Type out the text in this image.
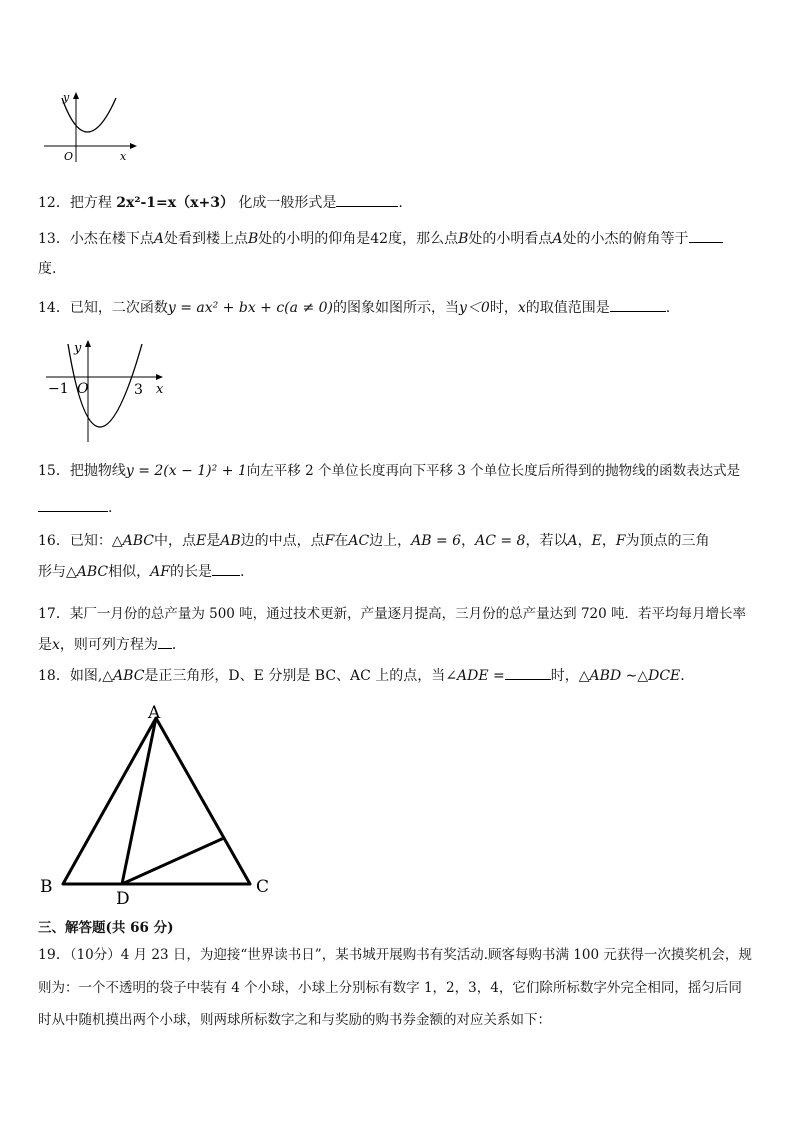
y
O	x
12．把方程 2x²-1=x（x+3） 化成一般形式是	.
13．小杰在楼下点A处看到楼上点B处的小明的仰角是42度，那么点B处的小明看点A处的小杰的俯角等于
度.
14．已知，二次函数y = ax² + bx + c(a ≠ 0)的图象如图所示，当y＜0时，x的取值范围是	.
y
−1 O	3 x
15．把抛物线y = 2(x − 1)² + 1向左平移 2 个单位长度再向下平移 3 个单位长度后所得到的抛物线的函数表达式是
.
16．已知：△ABC中，点E是AB边的中点，点F在AC边上，AB = 6，AC = 8，若以A，E，F为顶点的三角
形与△ABC相似，AF的长是 .
17．某厂一月份的总产量为 500 吨，通过技术更新，产量逐月提高，三月份的总产量达到 720 吨．若平均每月增长率
是x，则可列方程为 ．
18．如图,△ABC是正三角形，D、E 分别是 BC、AC 上的点，当∠ADE =	时，△ABD ∼△DCE.
A
B	C
D
三、解答题(共 66 分)
19．（10分）4 月 23 日，为迎接“世界读书日”，某书城开展购书有奖活动.顾客每购书满 100 元获得一次摸奖机会，规
则为：一个不透明的袋子中装有 4 个小球，小球上分别标有数字 1，2，3，4，它们除所标数字外完全相同，摇匀后同
时从中随机摸出两个小球，则两球所标数字之和与奖励的购书券金额的对应关系如下：
